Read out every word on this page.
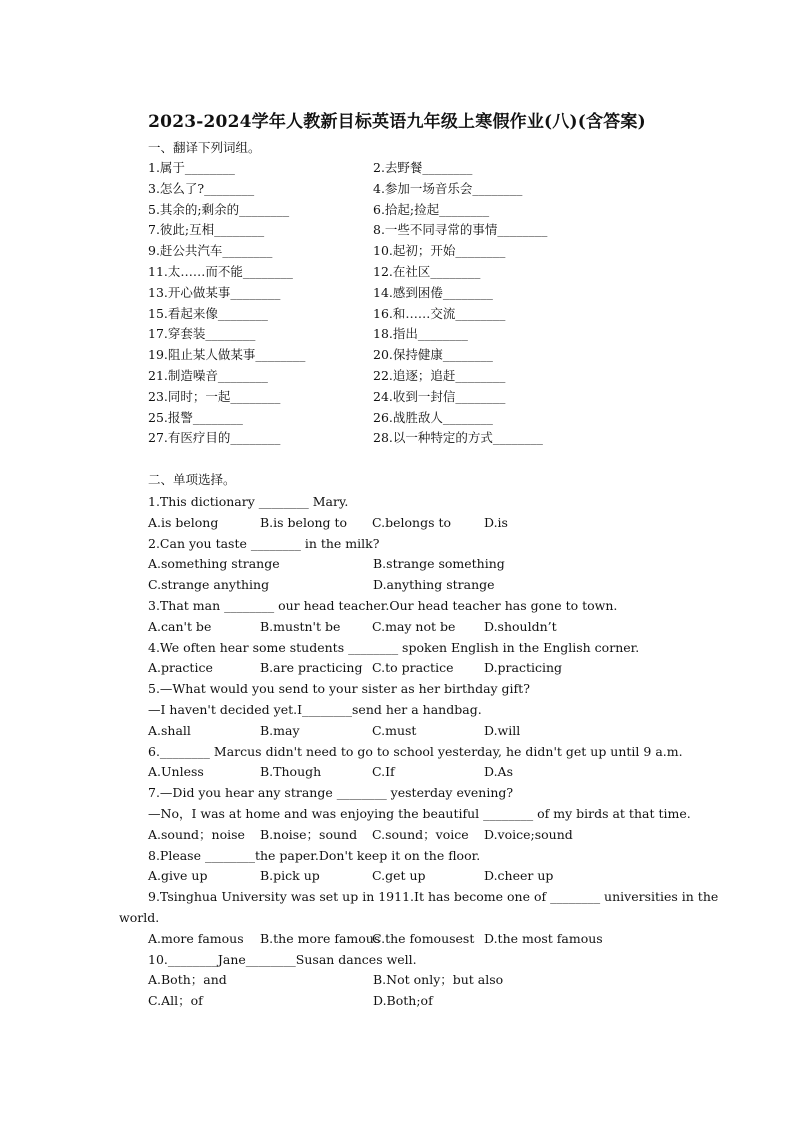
2023-2024学年人教新目标英语九年级上寒假作业(八)(含答案)
一、翻译下列词组。
1.属于________	2.去野餐________
3.怎么了?________	4.参加一场音乐会________
5.其余的;剩余的________	6.拾起;捡起________
7.彼此;互相________	8.一些不同寻常的事情________
9.赶公共汽车________	10.起初；开始________
11.太……而不能________	12.在社区________
13.开心做某事________	14.感到困倦________
15.看起来像________	16.和……交流________
17.穿套装________	18.指出________
19.阻止某人做某事________	20.保持健康________
21.制造噪音________	22.追逐；追赶________
23.同时；一起________	24.收到一封信________
25.报警________	26.战胜敌人________
27.有医疗目的________	28.以一种特定的方式________
二、单项选择。
1.This dictionary ________ Mary.
A.is belong	B.is belong to	C.belongs to	D.is
2.Can you taste ________ in the milk?
A.something strange	B.strange something
C.strange anything	D.anything strange
3.That man ________ our head teacher.Our head teacher has gone to town.
A.can't be	B.mustn't be	C.may not be	D.shouldn’t
4.We often hear some students ________ spoken English in the English corner.
A.practice	B.are practicing C.to practice	D.practicing
5.—What would you send to your sister as her birthday gift?
—I haven't decided yet.I________send her a handbag.
A.shall	B.may	C.must	D.will
6.________ Marcus didn't need to go to school yesterday, he didn't get up until 9 a.m.
A.Unless	B.Though	C.If	D.As
7.—Did you hear any strange ________ yesterday evening?
—No，I was at home and was enjoying the beautiful ________ of my birds at that time.
A.sound；noise	B.noise；sound	C.sound；voice	D.voice;sound
8.Please ________the paper.Don't keep it on the floor.
A.give up	B.pick up	C.get up	D.cheer up
9.Tsinghua University was set up in 1911.It has become one of ________ universities in the
world.
A.more famous	B.the more famous
C.the fomousest D.the most famous
10.________Jane________Susan dances well.
A.Both；and	B.Not only；but also
C.All；of	D.Both;of
